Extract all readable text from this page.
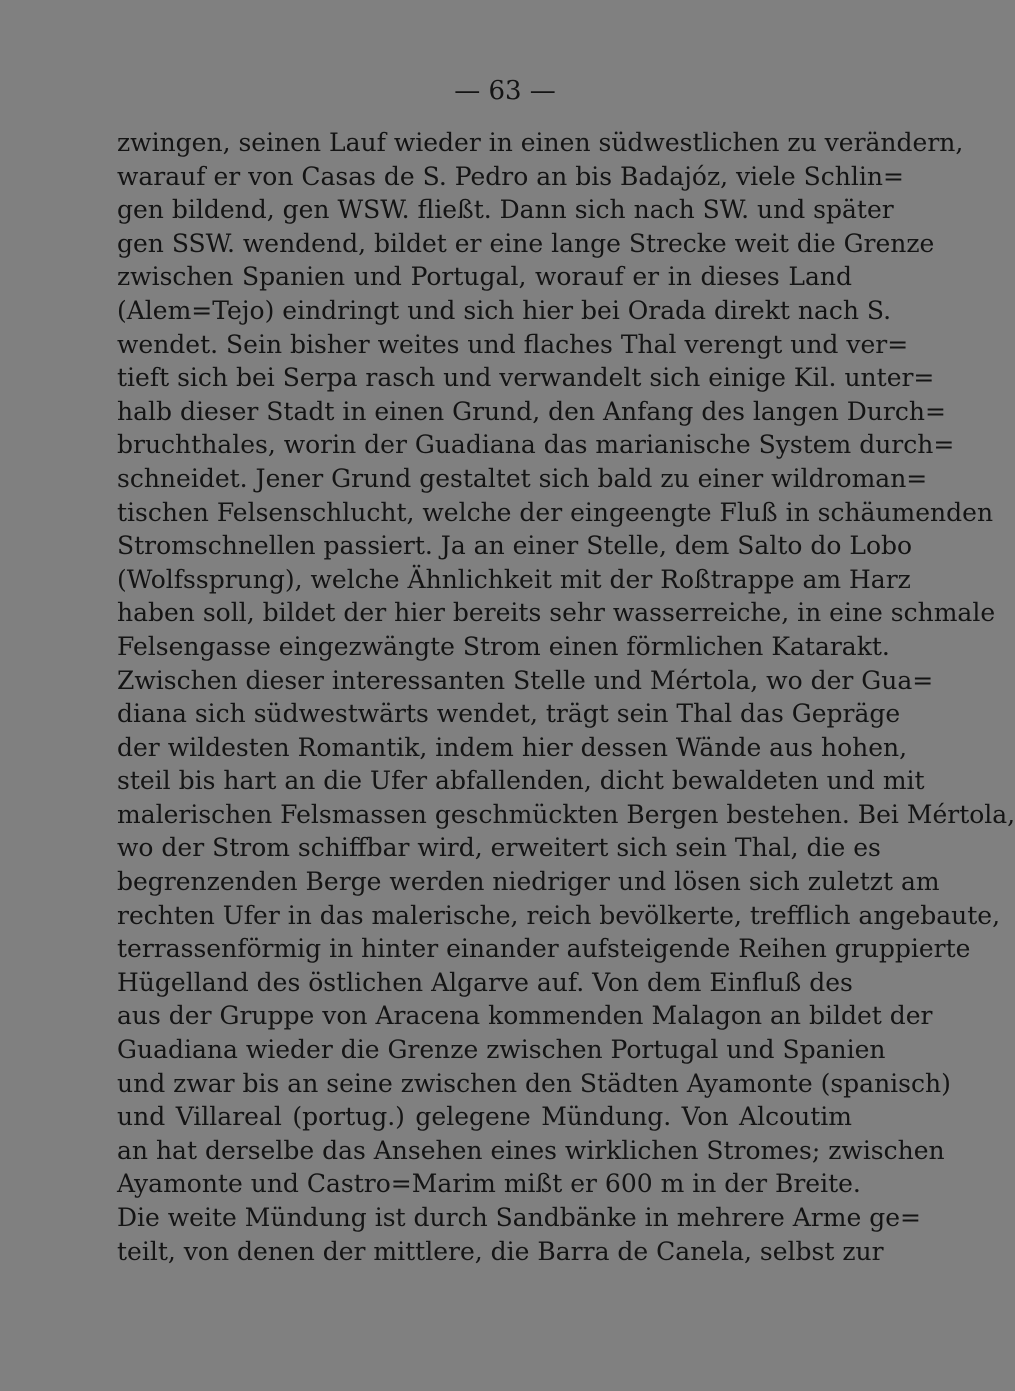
— 63 —
zwingen, seinen Lauf wieder in einen südwestlichen zu verändern,
warauf er von Casas de S. Pedro an bis Badajóz, viele Schlin=
gen bildend, gen WSW. fließt. Dann sich nach SW. und später
gen SSW. wendend, bildet er eine lange Strecke weit die Grenze
zwischen Spanien und Portugal, worauf er in dieses Land
(Alem=Tejo) eindringt und sich hier bei Orada direkt nach S.
wendet. Sein bisher weites und flaches Thal verengt und ver=
tieft sich bei Serpa rasch und verwandelt sich einige Kil. unter=
halb dieser Stadt in einen Grund, den Anfang des langen Durch=
bruchthales, worin der Guadiana das marianische System durch=
schneidet. Jener Grund gestaltet sich bald zu einer wildroman=
tischen Felsenschlucht, welche der eingeengte Fluß in schäumenden
Stromschnellen passiert. Ja an einer Stelle, dem Salto do Lobo
(Wolfssprung), welche Ähnlichkeit mit der Roßtrappe am Harz
haben soll, bildet der hier bereits sehr wasserreiche, in eine schmale
Felsengasse eingezwängte Strom einen förmlichen Katarakt.
Zwischen dieser interessanten Stelle und Mértola, wo der Gua=
diana sich südwestwärts wendet, trägt sein Thal das Gepräge
der wildesten Romantik, indem hier dessen Wände aus hohen,
steil bis hart an die Ufer abfallenden, dicht bewaldeten und mit
malerischen Felsmassen geschmückten Bergen bestehen. Bei Mértola,
wo der Strom schiffbar wird, erweitert sich sein Thal, die es
begrenzenden Berge werden niedriger und lösen sich zuletzt am
rechten Ufer in das malerische, reich bevölkerte, trefflich angebaute,
terrassenförmig in hinter einander aufsteigende Reihen gruppierte
Hügelland des östlichen Algarve auf. Von dem Einfluß des
aus der Gruppe von Aracena kommenden Malagon an bildet der
Guadiana wieder die Grenze zwischen Portugal und Spanien
und zwar bis an seine zwischen den Städten Ayamonte (spanisch)
und Villareal (portug.) gelegene Mündung. Von Alcoutim
an hat derselbe das Ansehen eines wirklichen Stromes; zwischen
Ayamonte und Castro=Marim mißt er 600 m in der Breite.
Die weite Mündung ist durch Sandbänke in mehrere Arme ge=
teilt, von denen der mittlere, die Barra de Canela, selbst zur
